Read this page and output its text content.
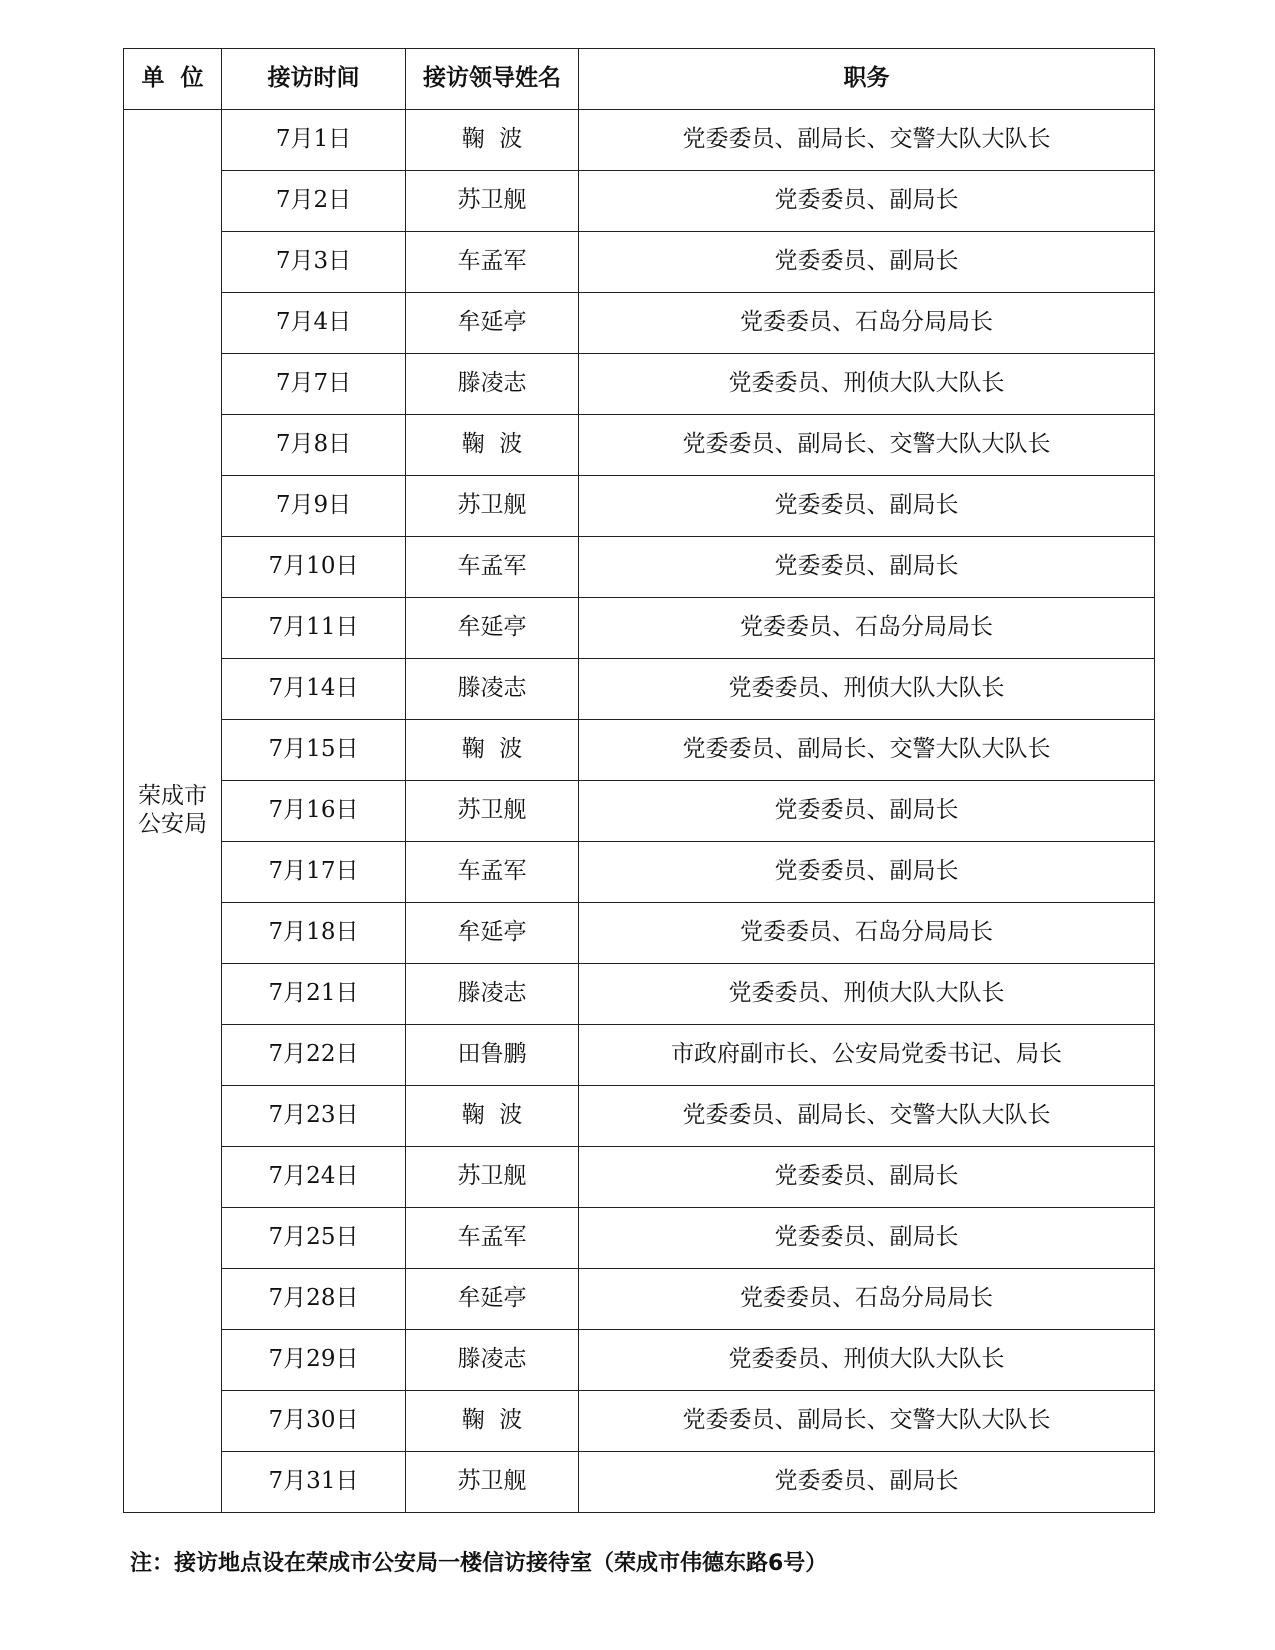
单  位	接访时间	接访领导姓名	职务

荣成市
公安局	7月1日	鞠  波	党委委员、副局长、交警大队大队长
	7月2日	苏卫舰	党委委员、副局长
	7月3日	车孟军	党委委员、副局长
	7月4日	牟延亭	党委委员、石岛分局局长
	7月7日	滕凌志	党委委员、刑侦大队大队长
	7月8日	鞠  波	党委委员、副局长、交警大队大队长
	7月9日	苏卫舰	党委委员、副局长
	7月10日	车孟军	党委委员、副局长
	7月11日	牟延亭	党委委员、石岛分局局长
	7月14日	滕凌志	党委委员、刑侦大队大队长
	7月15日	鞠  波	党委委员、副局长、交警大队大队长
	7月16日	苏卫舰	党委委员、副局长
	7月17日	车孟军	党委委员、副局长
	7月18日	牟延亭	党委委员、石岛分局局长
	7月21日	滕凌志	党委委员、刑侦大队大队长
	7月22日	田鲁鹏	市政府副市长、公安局党委书记、局长
	7月23日	鞠  波	党委委员、副局长、交警大队大队长
	7月24日	苏卫舰	党委委员、副局长
	7月25日	车孟军	党委委员、副局长
	7月28日	牟延亭	党委委员、石岛分局局长
	7月29日	滕凌志	党委委员、刑侦大队大队长
	7月30日	鞠  波	党委委员、副局长、交警大队大队长
	7月31日	苏卫舰	党委委员、副局长
注：接访地点设在荣成市公安局一楼信访接待室（荣成市伟德东路6号）
